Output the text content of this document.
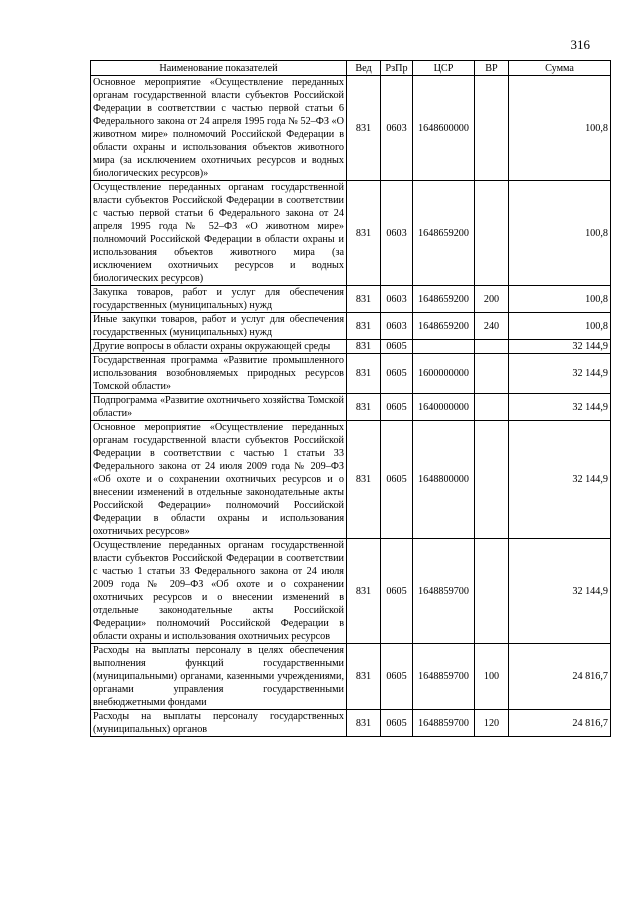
316
Наименование показателей	Вед	РзПр	ЦСР	ВР	Сумма
Основное мероприятие «Осуществление переданных органам государственной власти субъектов Российской Федерации в соответствии с частью первой статьи 6 Федерального закона от 24 апреля 1995 года № 52–ФЗ «О животном мире» полномочий Российской Федерации в области охраны и использования объектов животного мира (за исключением охотничьих ресурсов и водных биологических ресурсов)»	831	0603	1648600000		100,8
Осуществление переданных органам государственной власти субъектов Российской Федерации в соответствии с частью первой статьи 6 Федерального закона от 24 апреля 1995 года № 52–ФЗ «О животном мире» полномочий Российской Федерации в области охраны и использования объектов животного мира (за исключением охотничьих ресурсов и водных биологических ресурсов)	831	0603	1648659200		100,8
Закупка товаров, работ и услуг для обеспечения государственных (муниципальных) нужд	831	0603	1648659200	200	100,8
Иные закупки товаров, работ и услуг для обеспечения государственных (муниципальных) нужд	831	0603	1648659200	240	100,8
Другие вопросы в области охраны окружающей среды	831	0605			32 144,9
Государственная программа «Развитие промышленного использования возобновляемых природных ресурсов Томской области»	831	0605	1600000000		32 144,9
Подпрограмма «Развитие охотничьего хозяйства Томской области»	831	0605	1640000000		32 144,9
Основное мероприятие «Осуществление переданных органам государственной власти субъектов Российской Федерации в соответствии с частью 1 статьи 33 Федерального закона от 24 июля 2009 года № 209–ФЗ «Об охоте и о сохранении охотничьих ресурсов и о внесении изменений в отдельные законодательные акты Российской Федерации» полномочий Российской Федерации в области охраны и использования охотничьих ресурсов»	831	0605	1648800000		32 144,9
Осуществление переданных органам государственной власти субъектов Российской Федерации в соответствии с частью 1 статьи 33 Федерального закона от 24 июля 2009 года № 209–ФЗ «Об охоте и о сохранении охотничьих ресурсов и о внесении изменений в отдельные законодательные акты Российской Федерации» полномочий Российской Федерации в области охраны и использования охотничьих ресурсов	831	0605	1648859700		32 144,9
Расходы на выплаты персоналу в целях обеспечения выполнения функций государственными (муниципальными) органами, казенными учреждениями, органами управления государственными внебюджетными фондами	831	0605	1648859700	100	24 816,7
Расходы на выплаты персоналу государственных (муниципальных) органов	831	0605	1648859700	120	24 816,7
